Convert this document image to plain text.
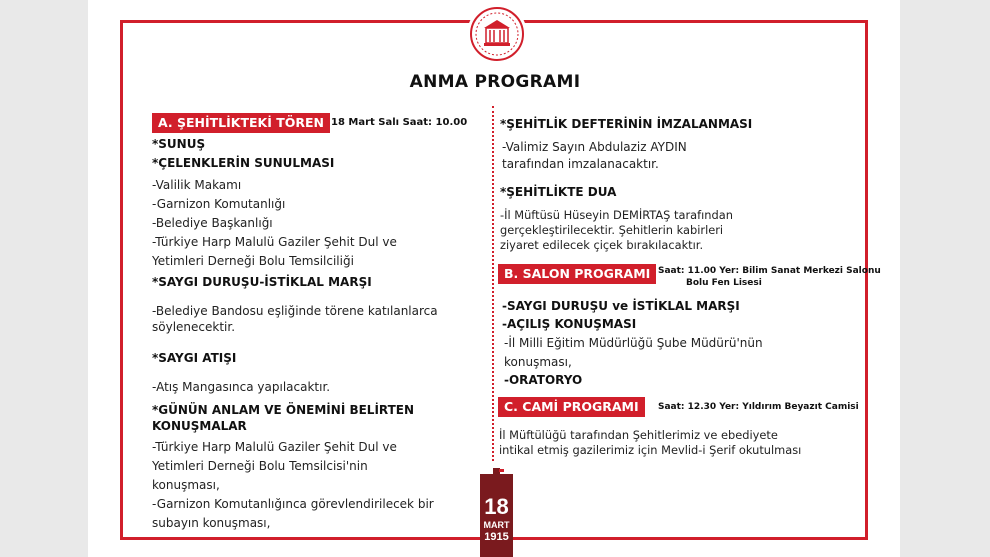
ANMA PROGRAMI
A. ŞEHİTLİKTEKİ TÖREN 18 Mart Salı Saat: 10.00
*SUNUŞ
*ÇELENKLERİN SUNULMASI
-Valilik Makamı
-Garnizon Komutanlığı
-Belediye Başkanlığı
-Türkiye Harp Malulü Gaziler Şehit Dul ve
Yetimleri Derneği Bolu Temsilciliği
*SAYGI DURUŞU-İSTİKLAL MARŞI
-Belediye Bandosu eşliğinde törene katılanlarca
söylenecektir.
*SAYGI ATIŞI
-Atış Mangasınca yapılacaktır.
*GÜNÜN ANLAM VE ÖNEMİNİ BELİRTEN
KONUŞMALAR
-Türkiye Harp Malulü Gaziler Şehit Dul ve
Yetimleri Derneği Bolu Temsilcisi'nin
konuşması,
-Garnizon Komutanlığınca görevlendirilecek bir
subayın konuşması,
*ŞEHİTLİK DEFTERİNİN İMZALANMASI
-Valimiz Sayın Abdulaziz AYDIN
tarafından imzalanacaktır.
*ŞEHİTLİKTE DUA
-İl Müftüsü Hüseyin DEMİRTAŞ tarafından
gerçekleştirilecektir. Şehitlerin kabirleri
ziyaret edilecek çiçek bırakılacaktır.
B. SALON PROGRAMI Saat: 11.00 Yer: Bilim Sanat Merkezi Salonu
Bolu Fen Lisesi
-SAYGI DURUŞU ve İSTİKLAL MARŞI
-AÇILIŞ KONUŞMASI
-İl Milli Eğitim Müdürlüğü Şube Müdürü'nün
konuşması,
-ORATORYO
C. CAMİ PROGRAMI	Saat: 12.30 Yer: Yıldırım Beyazıt Camisi
İl Müftülüğü tarafından Şehitlerimiz ve ebediyete
intikal etmiş gazilerimiz için Mevlid-i Şerif okutulması
18
MART
1915
